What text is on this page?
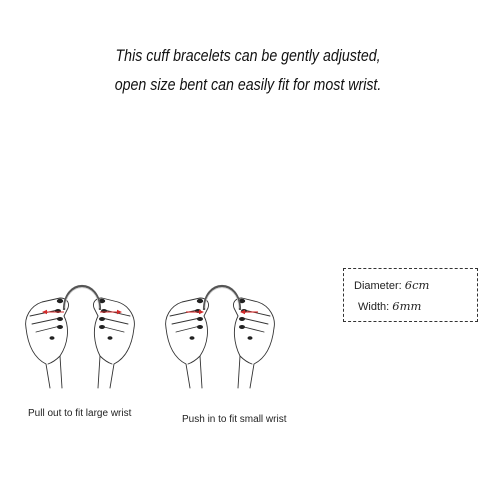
This cuff bracelets can be gently adjusted,
open size bent can easily fit for most wrist.
Pull out to fit large wrist
Push in to fit small wrist
Diameter: 6cm
Width: 6mm
